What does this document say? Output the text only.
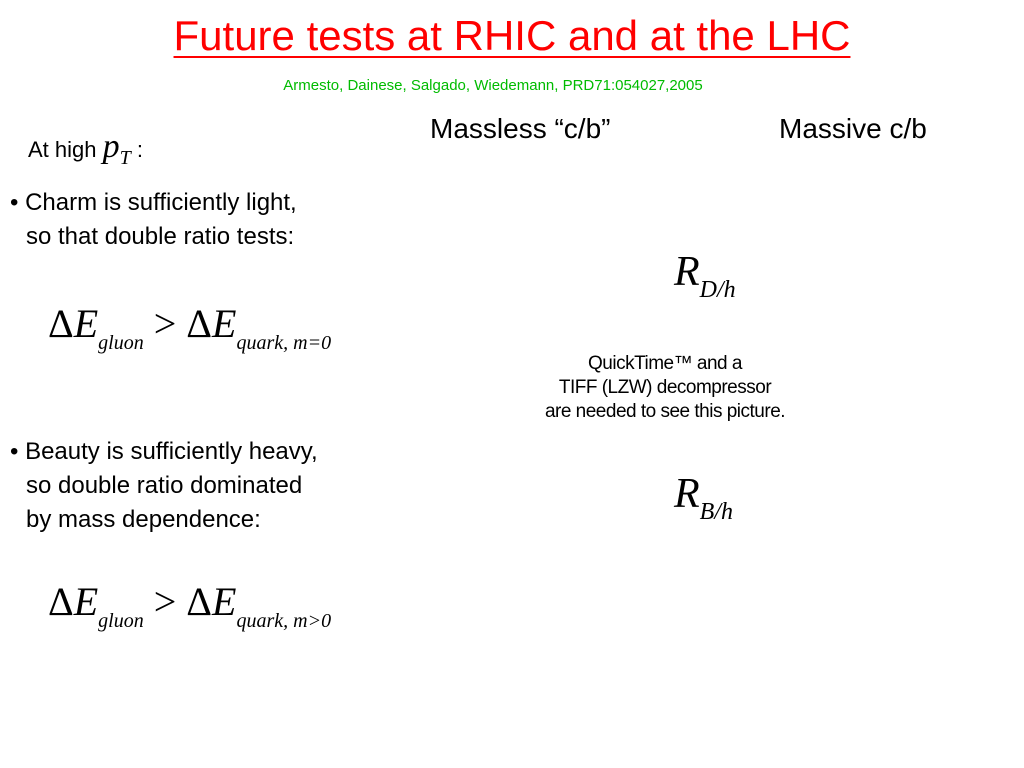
Future tests at RHIC and at the LHC
Armesto, Dainese, Salgado, Wiedemann, PRD71:054027,2005
Massless “c/b”	Massive c/b
At high pT :
• Charm is sufficiently light,
so that double ratio tests:
$\Delta E_{gluon} > \Delta E_{quark, m=0}$
• Beauty is sufficiently heavy,
so double ratio dominated
by mass dependence:
$\Delta E_{gluon} > \Delta E_{quark, m>0}$
$R_{D/h}$
QuickTime™ and a
TIFF (LZW) decompressor
are needed to see this picture.
$R_{B/h}$
